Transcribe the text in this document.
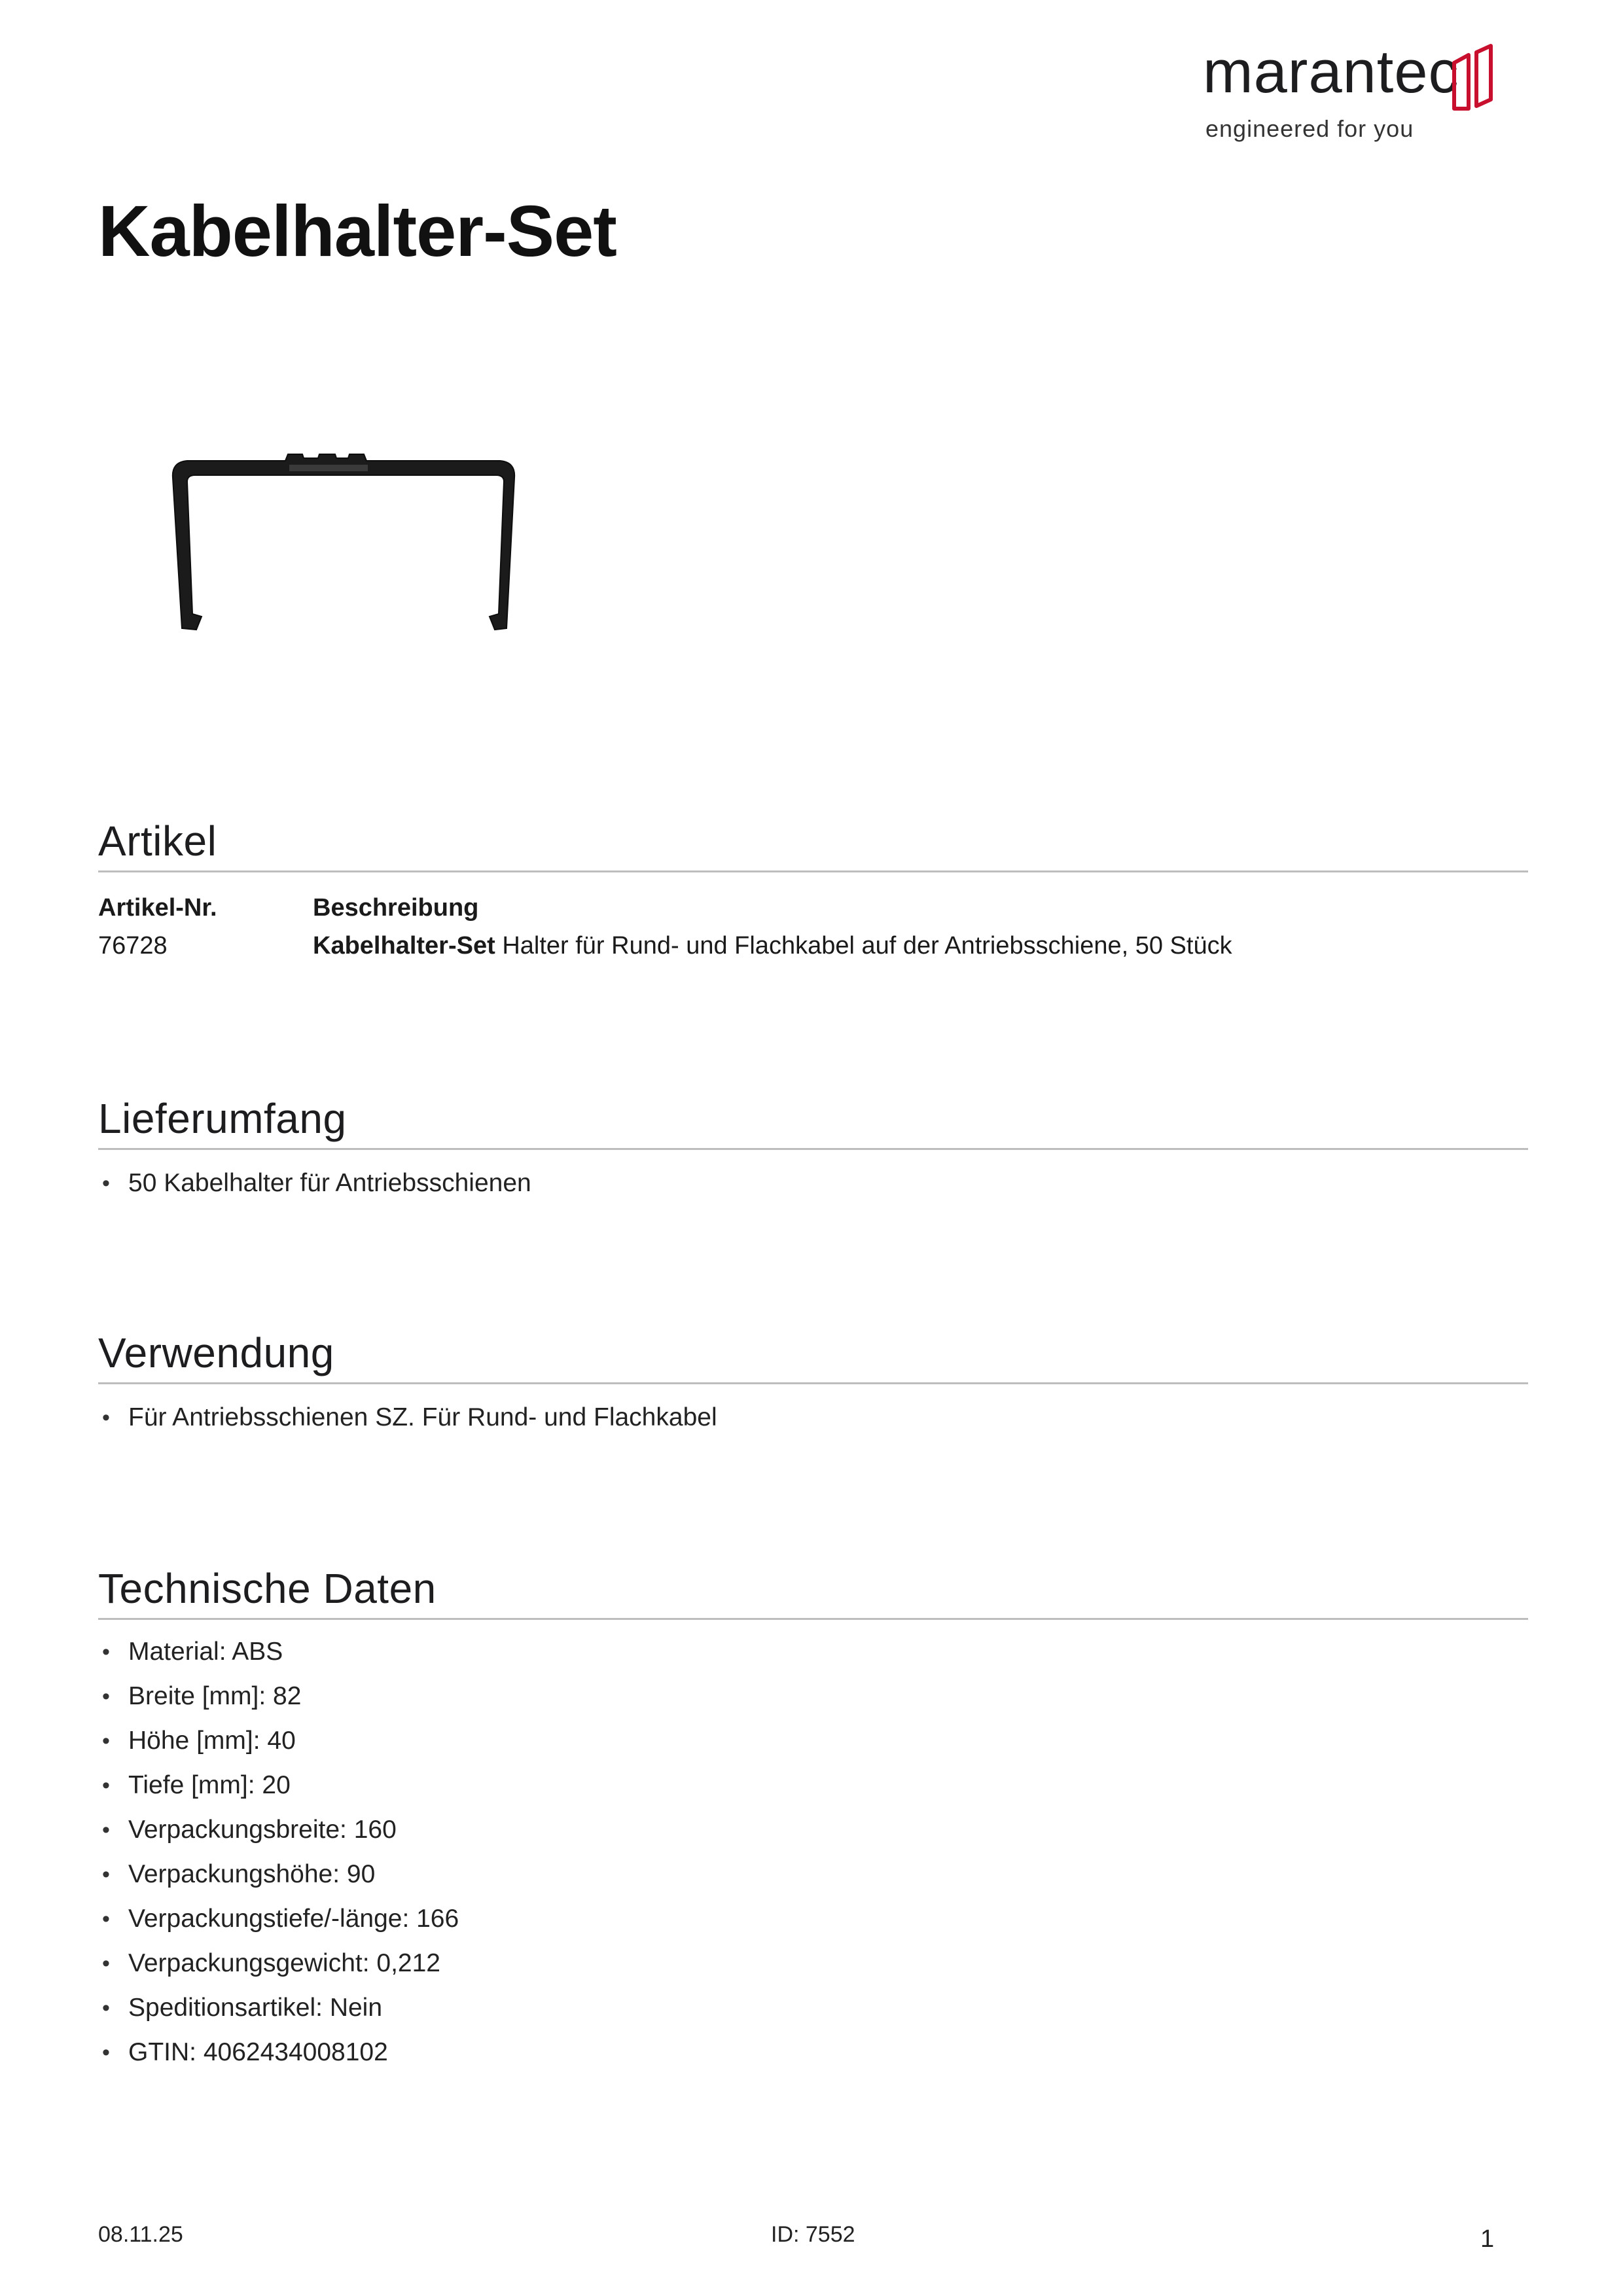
marantec
engineered for you
Kabelhalter-Set
Artikel
Artikel-Nr.	Beschreibung
76728	Kabelhalter-Set Halter für Rund- und Flachkabel auf der Antriebsschiene, 50 Stück
Lieferumfang
• 50 Kabelhalter für Antriebsschienen
Verwendung
• Für Antriebsschienen SZ. Für Rund- und Flachkabel
Technische Daten
• Material: ABS
• Breite [mm]: 82
• Höhe [mm]: 40
• Tiefe [mm]: 20
• Verpackungsbreite: 160
• Verpackungshöhe: 90
• Verpackungstiefe/-länge: 166
• Verpackungsgewicht: 0,212
• Speditionsartikel: Nein
• GTIN: 4062434008102
08.11.25	ID: 7552	1
